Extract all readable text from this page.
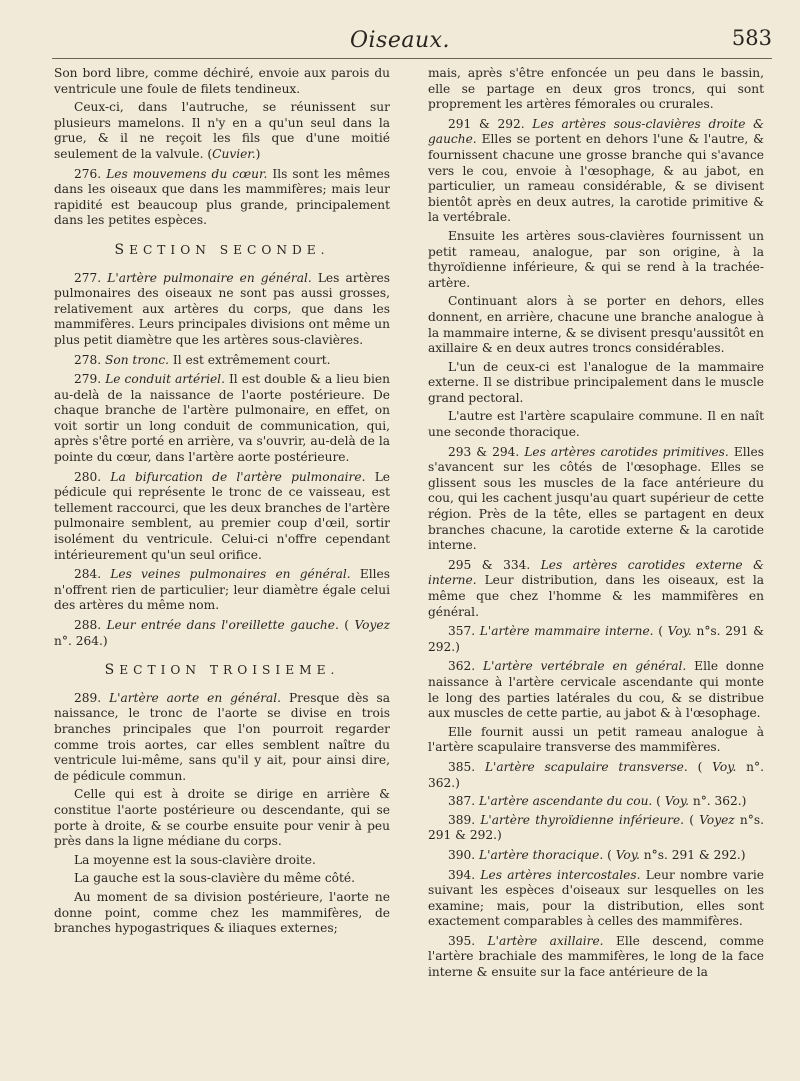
Oiseaux.	583

Son bord libre, comme déchiré, envoie aux parois du ventricule une foule de filets tendineux.

Ceux-ci, dans l'autruche, se réunissent sur plusieurs mamelons. Il n'y en a qu'un seul dans la grue, & il ne reçoit les fils que d'une moitié seulement de la valvule. (Cuvier.)

276. Les mouvemens du cœur. Ils sont les mêmes dans les oiseaux que dans les mammifères; mais leur rapidité est beaucoup plus grande, principalement dans les petites espèces.

SECTION SECONDE.

277. L'artère pulmonaire en général. Les artères pulmonaires des oiseaux ne sont pas aussi grosses, relativement aux artères du corps, que dans les mammifères. Leurs principales divisions ont même un plus petit diamètre que les artères sous-clavières.

278. Son tronc. Il est extrêmement court.

279. Le conduit artériel. Il est double & a lieu bien au-delà de la naissance de l'aorte postérieure. De chaque branche de l'artère pulmonaire, en effet, on voit sortir un long conduit de communication, qui, après s'être porté en arrière, va s'ouvrir, au-delà de la pointe du cœur, dans l'artère aorte postérieure.

280. La bifurcation de l'artère pulmonaire. Le pédicule qui représente le tronc de ce vaisseau, est tellement raccourci, que les deux branches de l'artère pulmonaire semblent, au premier coup d'œil, sortir isolément du ventricule. Celui-ci n'offre cependant intérieurement qu'un seul orifice.

284. Les veines pulmonaires en général. Elles n'offrent rien de particulier; leur diamètre égale celui des artères du même nom.

288. Leur entrée dans l'oreillette gauche. ( Voyez n°. 264.)

SECTION TROISIEME.

289. L'artère aorte en général. Presque dès sa naissance, le tronc de l'aorte se divise en trois branches principales que l'on pourroit regarder comme trois aortes, car elles semblent naître du ventricule lui-même, sans qu'il y ait, pour ainsi dire, de pédicule commun.

Celle qui est à droite se dirige en arrière & constitue l'aorte postérieure ou descendante, qui se porte à droite, & se courbe ensuite pour venir à peu près dans la ligne médiane du corps.

La moyenne est la sous-clavière droite.

La gauche est la sous-clavière du même côté.

Au moment de sa division postérieure, l'aorte ne donne point, comme chez les mammifères, de branches hypogastriques & iliaques externes;

mais, après s'être enfoncée un peu dans le bassin, elle se partage en deux gros troncs, qui sont proprement les artères fémorales ou crurales.

291 & 292. Les artères sous-clavières droite & gauche. Elles se portent en dehors l'une & l'autre, & fournissent chacune une grosse branche qui s'avance vers le cou, envoie à l'œsophage, & au jabot, en particulier, un rameau considérable, & se divisent bientôt après en deux autres, la carotide primitive & la vertébrale.

Ensuite les artères sous-clavières fournissent un petit rameau, analogue, par son origine, à la thyroïdienne inférieure, & qui se rend à la trachée-artère.

Continuant alors à se porter en dehors, elles donnent, en arrière, chacune une branche analogue à la mammaire interne, & se divisent presqu'aussitôt en axillaire & en deux autres troncs considérables.

L'un de ceux-ci est l'analogue de la mammaire externe. Il se distribue principalement dans le muscle grand pectoral.

L'autre est l'artère scapulaire commune. Il en naît une seconde thoracique.

293 & 294. Les artères carotides primitives. Elles s'avancent sur les côtés de l'œsophage. Elles se glissent sous les muscles de la face antérieure du cou, qui les cachent jusqu'au quart supérieur de cette région. Près de la tête, elles se partagent en deux branches chacune, la carotide externe & la carotide interne.

295 & 334. Les artères carotides externe & interne. Leur distribution, dans les oiseaux, est la même que chez l'homme & les mammifères en général.

357. L'artère mammaire interne. ( Voy. n°s. 291 & 292.)

362. L'artère vertébrale en général. Elle donne naissance à l'artère cervicale ascendante qui monte le long des parties latérales du cou, & se distribue aux muscles de cette partie, au jabot & à l'œsophage.

Elle fournit aussi un petit rameau analogue à l'artère scapulaire transverse des mammifères.

385. L'artère scapulaire transverse. ( Voy. n°. 362.)

387. L'artère ascendante du cou. ( Voy. n°. 362.)

389. L'artère thyroïdienne inférieure. ( Voyez n°s. 291 & 292.)

390. L'artère thoracique. ( Voy. n°s. 291 & 292.)

394. Les artères intercostales. Leur nombre varie suivant les espèces d'oiseaux sur lesquelles on les examine; mais, pour la distribution, elles sont exactement comparables à celles des mammifères.

395. L'artère axillaire. Elle descend, comme l'artère brachiale des mammifères, le long de la face interne & ensuite sur la face antérieure de la
